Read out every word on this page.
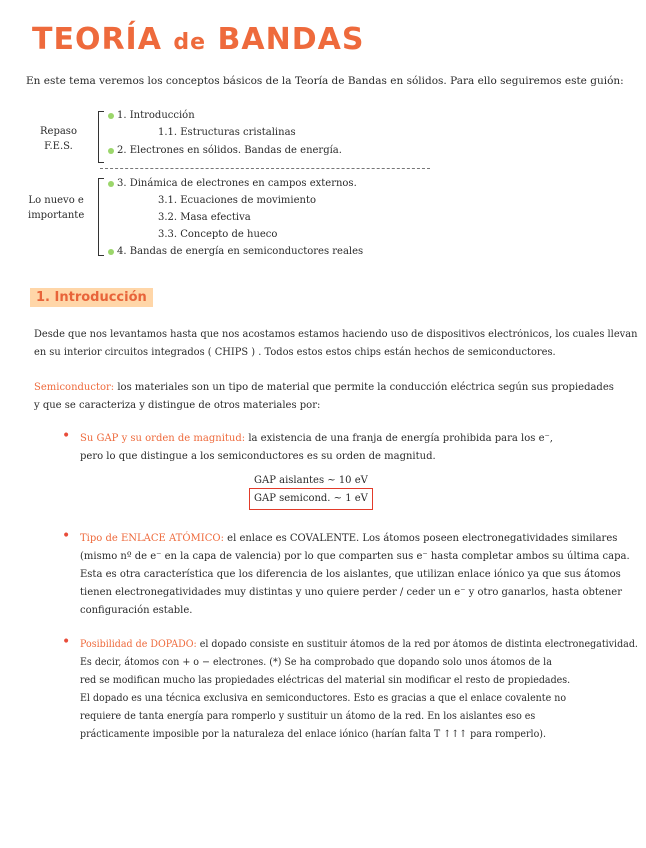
TEORÍA de BANDAS
En este tema veremos los conceptos básicos de la Teoría de Bandas en sólidos. Para ello seguiremos este guión:
Repaso
F.E.S.
1. Introducción
1.1. Estructuras cristalinas
2. Electrones en sólidos. Bandas de energía.
Lo nuevo e
importante
3. Dinámica de electrones en campos externos.
3.1. Ecuaciones de movimiento
3.2. Masa efectiva
3.3. Concepto de hueco
4. Bandas de energía en semiconductores reales
1. Introducción
Desde que nos levantamos hasta que nos acostamos estamos haciendo uso de dispositivos electrónicos, los cuales llevan
en su interior circuitos integrados ( CHIPS ) . Todos estos estos chips están hechos de semiconductores.
Semiconductor: los materiales son un tipo de material que permite la conducción eléctrica según sus propiedades
y que se caracteriza y distingue de otros materiales por:
• Su GAP y su orden de magnitud: la existencia de una franja de energía prohibida para los e⁻,
pero lo que distingue a los semiconductores es su orden de magnitud.
GAP aislantes ~ 10 eV
GAP semicond. ~ 1 eV
• Tipo de ENLACE ATÓMICO: el enlace es COVALENTE. Los átomos poseen electronegatividades similares
(mismo nº de e⁻ en la capa de valencia) por lo que comparten sus e⁻ hasta completar ambos su última capa.
Esta es otra característica que los diferencia de los aislantes, que utilizan enlace iónico ya que sus átomos
tienen electronegatividades muy distintas y uno quiere perder / ceder un e⁻ y otro ganarlos, hasta obtener
configuración estable.
• Posibilidad de DOPADO: el dopado consiste en sustituir átomos de la red por átomos de distinta electronegatividad.
Es decir, átomos con + o − electrones. (*) Se ha comprobado que dopando solo unos átomos de la
red se modifican mucho las propiedades eléctricas del material sin modificar el resto de propiedades.
El dopado es una técnica exclusiva en semiconductores. Esto es gracias a que el enlace covalente no
requiere de tanta energía para romperlo y sustituir un átomo de la red. En los aislantes eso es
prácticamente imposible por la naturaleza del enlace iónico (harían falta T ↑↑↑ para romperlo).
